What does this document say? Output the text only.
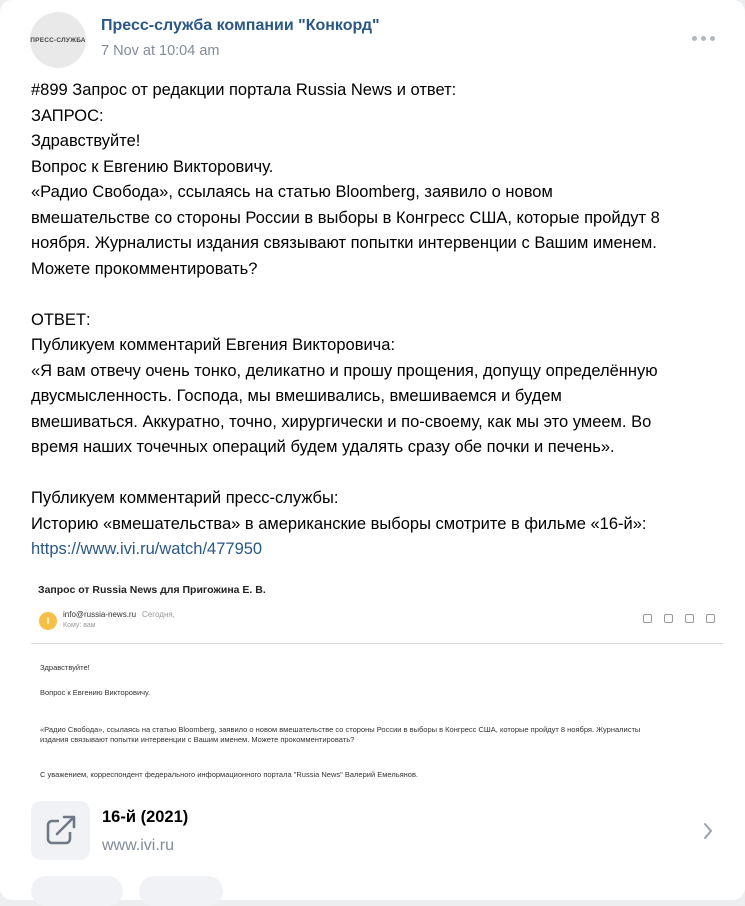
ПРЕСС-СЛУЖБА
Пресс-служба компании "Конкорд"
7 Nov at 10:04 am

#899 Запрос от редакции портала Russia News и ответ:

ЗАПРОС:

Здравствуйте!

Вопрос к Евгению Викторовичу.

«Радио Свобода», ссылаясь на статью Bloomberg, заявило о новом

вмешательстве со стороны России в выборы в Конгресс США, которые пройдут 8

ноября. Журналисты издания связывают попытки интервенции с Вашим именем.

Можете прокомментировать?

ОТВЕТ:

Публикуем комментарий Евгения Викторовича:

«Я вам отвечу очень тонко, деликатно и прошу прощения, допущу определённую

двусмысленность. Господа, мы вмешивались, вмешиваемся и будем

вмешиваться. Аккуратно, точно, хирургически и по-своему, как мы это умеем. Во

время наших точечных операций будем удалять сразу обе почки и печень».

Публикуем комментарий пресс-службы:

Историю «вмешательства» в американские выборы смотрите в фильме «16-й»:

https://www.ivi.ru/watch/477950

Запрос от Russia News для Пригожина Е. В.
I
info@russia-news.ru Сегодня,
Кому: вам

Здравствуйте!

Вопрос к Евгению Викторовичу.

«Радио Свобода», ссылаясь на статью Bloomberg, заявило о новом вмешательстве со стороны России в выборы в Конгресс США, которые пройдут 8 ноября. Журналисты

издания связывают попытки интервенции с Вашим именем. Можете прокомментировать?

С уважением, корреспондент федерального информационного портала "Russia News" Валерий Емельянов.

16-й (2021)
www.ivi.ru
